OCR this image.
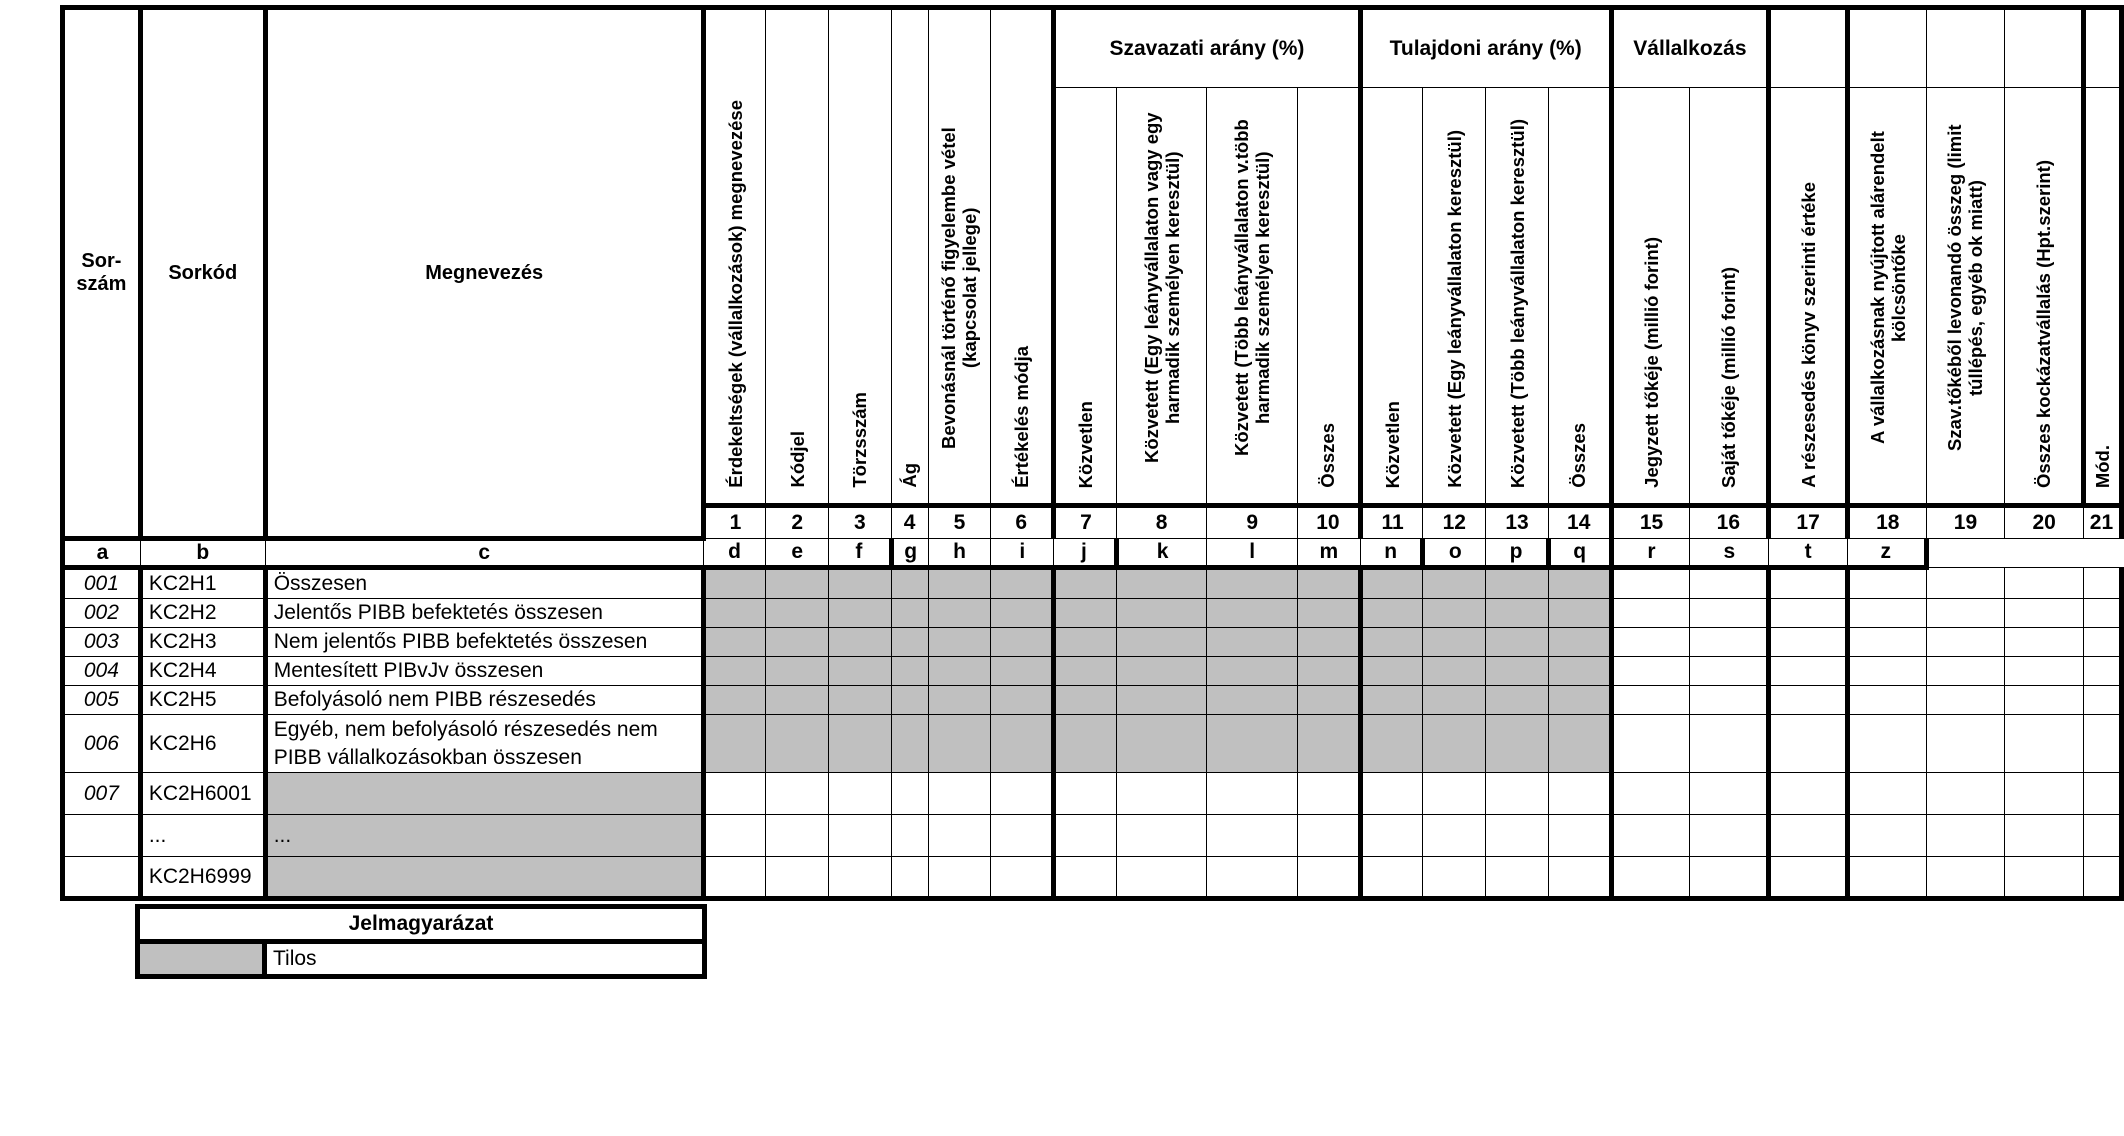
Sor-
szám	Sorkód	Megnevezés	Érdekeltségek (vállalkozások) megnevezése	Kódjel	Törzsszám	Ág	Bevonásnál történő figyelembe vétel (kapcsolat jellege)	Értékelés módja	Szavazati arány (%)				Tulajdoni arány (%)				Vállalkozás						
									Közvetlen	Közvetett (Egy leányvállalaton vagy egy harmadik személyen keresztül)	Közvetett (Több leányvállalaton v.több harmadik személyen keresztül)	Összes	Közvetlen	Közvetett (Egy leányvállalaton keresztül)	Közvetett (Több leányvállalaton keresztül)	Összes	Jegyzett tőkéje (millió forint)	Saját tőkéje (millió forint)	A részesedés könyv szerinti értéke	A vállalkozásnak nyújtott alárendelt kölcsöntőke	Szav.tőkéből levonandó összeg (limit túllépés, egyéb ok miatt)	Összes kockázatvállalás (Hpt.szerint)	Mód.
			1	2	3	4	5	6	7	8	9	10	11	12	13	14	15	16	17	18	19	20	21
a	b	c	d	e	f	g	h	i	j	k	l	m	n	o	p	q	r	s	t	z			
001	KC2H1	Összesen																					
002	KC2H2	Jelentős PIBB befektetés összesen																					
003	KC2H3	Nem jelentős PIBB befektetés összesen																					
004	KC2H4	Mentesített PIBvJv összesen																					
005	KC2H5	Befolyásoló nem PIBB részesedés																					
006	KC2H6	Egyéb, nem befolyásoló részesedés nem PIBB vállalkozásokban összesen																					
007	KC2H6001																						
	...	...																					
	KC2H6999																						
Jelmagyarázat
	Tilos
